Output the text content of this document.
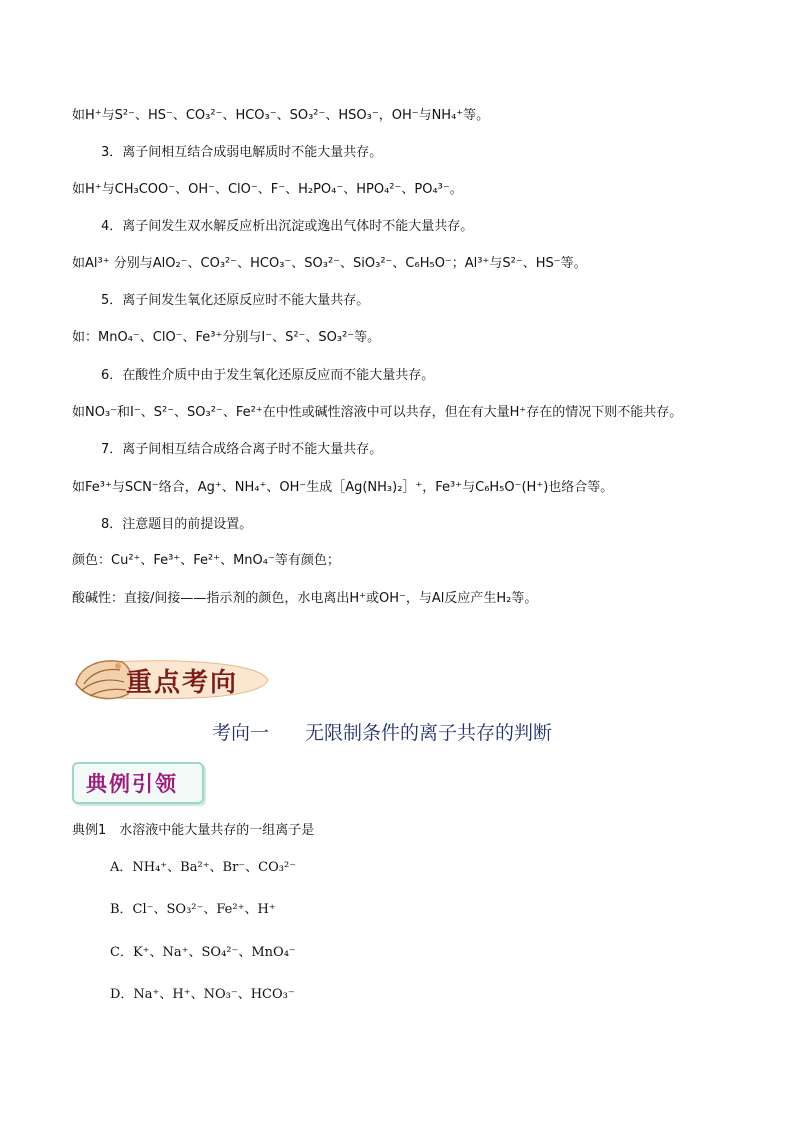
如H⁺与S²⁻、HS⁻、CO₃²⁻、HCO₃⁻、SO₃²⁻、HSO₃⁻，OH⁻与NH₄⁺等。
3．离子间相互结合成弱电解质时不能大量共存。
如H⁺与CH₃COO⁻、OH⁻、ClO⁻、F⁻、H₂PO₄⁻、HPO₄²⁻、PO₄³⁻。
4．离子间发生双水解反应析出沉淀或逸出气体时不能大量共存。
如Al³⁺ 分别与AlO₂⁻、CO₃²⁻、HCO₃⁻、SO₃²⁻、SiO₃²⁻、C₆H₅O⁻；Al³⁺与S²⁻、HS⁻等。
5．离子间发生氧化还原反应时不能大量共存。
如：MnO₄⁻、ClO⁻、Fe³⁺分别与I⁻、S²⁻、SO₃²⁻等。
6．在酸性介质中由于发生氧化还原反应而不能大量共存。
如NO₃⁻和I⁻、S²⁻、SO₃²⁻、Fe²⁺在中性或碱性溶液中可以共存，但在有大量H⁺存在的情况下则不能共存。
7．离子间相互结合成络合离子时不能大量共存。
如Fe³⁺与SCN⁻络合，Ag⁺、NH₄⁺、OH⁻生成［Ag(NH₃)₂］⁺，Fe³⁺与C₆H₅O⁻(H⁺)也络合等。
8．注意题目的前提设置。
颜色：Cu²⁺、Fe³⁺、Fe²⁺、MnO₄⁻等有颜色；
酸碱性：直接/间接——指示剂的颜色，水电离出H⁺或OH⁻，与Al反应产生H₂等。
重点考向
考向一 无限制条件的离子共存的判断
典例引领
典例1　水溶液中能大量共存的一组离子是
A．NH₄⁺、Ba²⁺、Br⁻、CO₃²⁻
B．Cl⁻、SO₃²⁻、Fe²⁺、H⁺
C．K⁺、Na⁺、SO₄²⁻、MnO₄⁻
D．Na⁺、H⁺、NO₃⁻、HCO₃⁻
